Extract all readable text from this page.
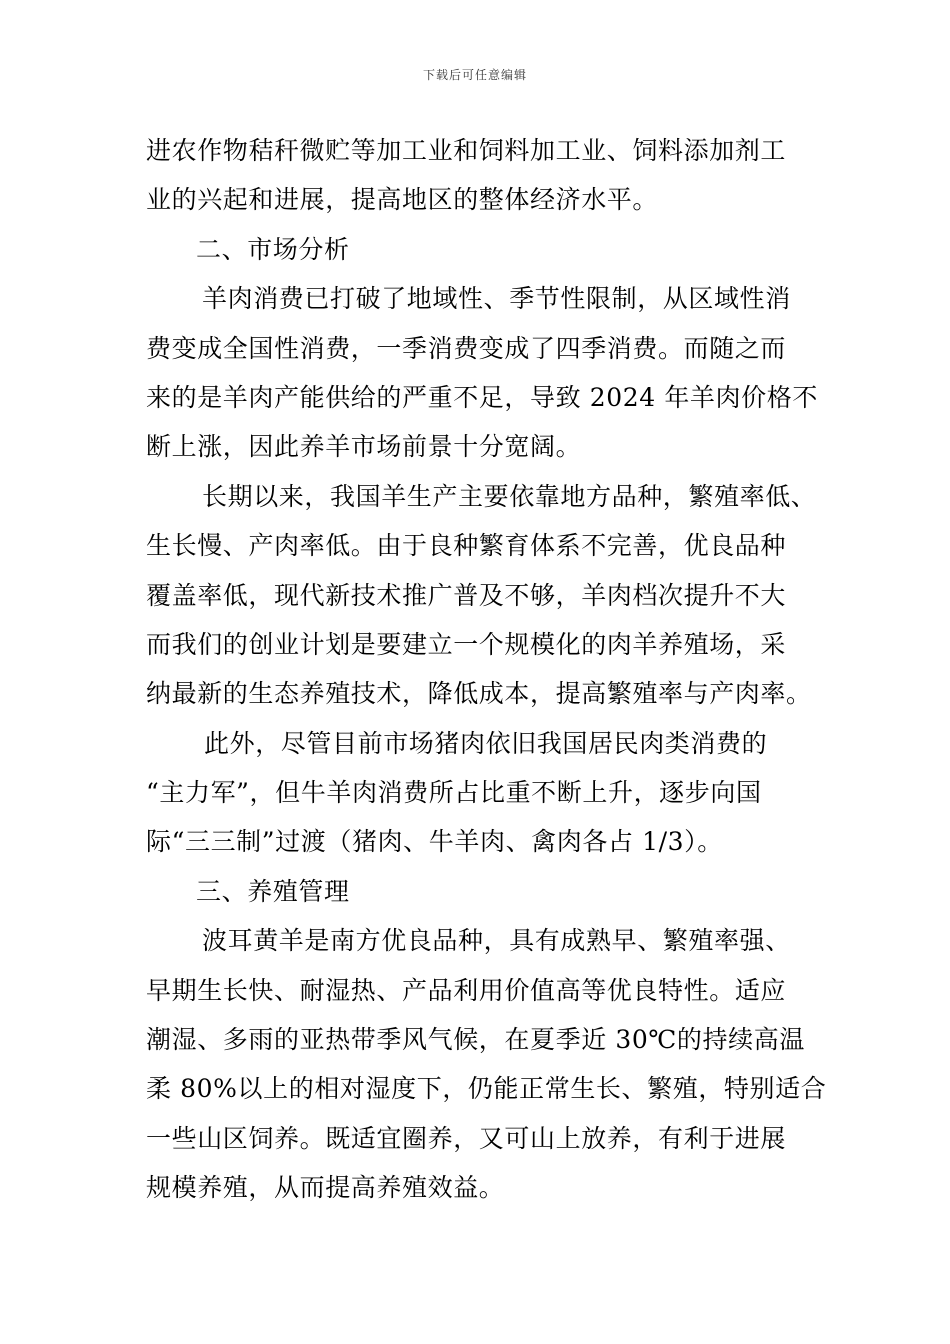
下载后可任意编辑
进农作物秸秆微贮等加工业和饲料加工业、饲料添加剂工
业的兴起和进展，提高地区的整体经济水平。
二、市场分析
羊肉消费已打破了地域性、季节性限制，从区域性消
费变成全国性消费，一季消费变成了四季消费。而随之而
来的是羊肉产能供给的严重不足，导致 2024 年羊肉价格不
断上涨，因此养羊市场前景十分宽阔。
长期以来，我国羊生产主要依靠地方品种，繁殖率低、
生长慢、产肉率低。由于良种繁育体系不完善，优良品种
覆盖率低，现代新技术推广普及不够，羊肉档次提升不大
而我们的创业计划是要建立一个规模化的肉羊养殖场，采
纳最新的生态养殖技术，降低成本，提高繁殖率与产肉率。
此外，尽管目前市场猪肉依旧我国居民肉类消费的
“主力军”，但牛羊肉消费所占比重不断上升，逐步向国
际“三三制”过渡（猪肉、牛羊肉、禽肉各占 1/3）。
三、养殖管理
波耳黄羊是南方优良品种，具有成熟早、繁殖率强、
早期生长快、耐湿热、产品利用价值高等优良特性。适应
潮湿、多雨的亚热带季风气候，在夏季近 30℃的持续高温
柔 80%以上的相对湿度下，仍能正常生长、繁殖，特别适合
一些山区饲养。既适宜圈养，又可山上放养，有利于进展
规模养殖，从而提高养殖效益。
